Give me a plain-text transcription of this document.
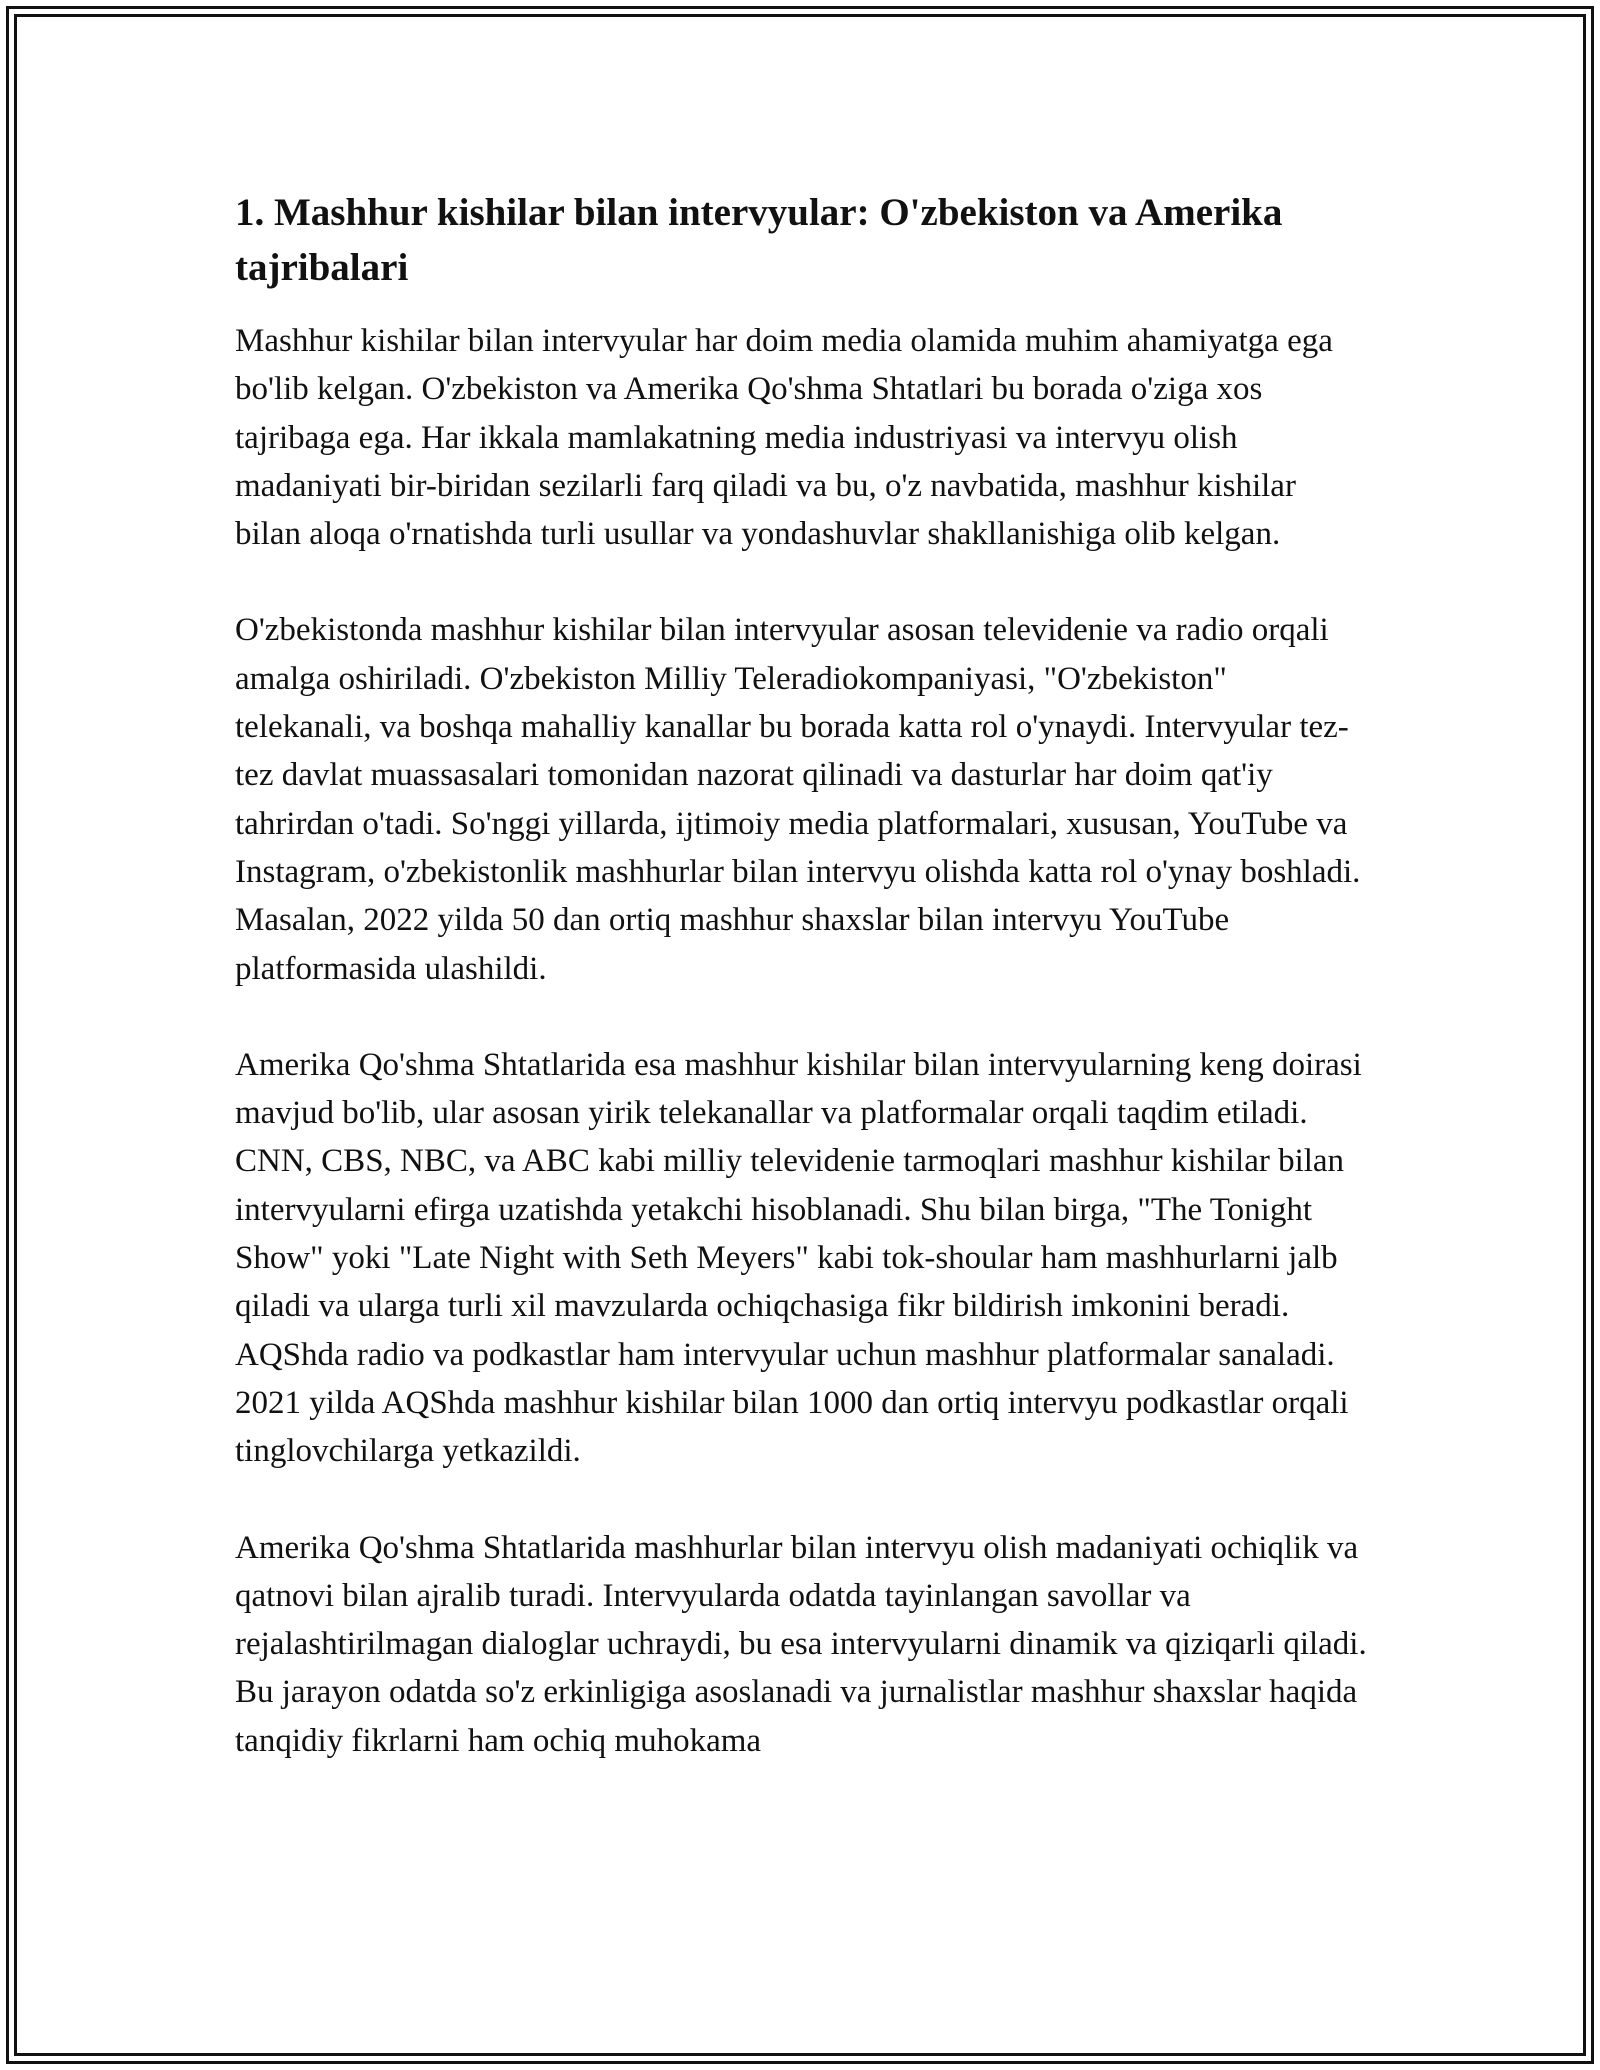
1. Mashhur kishilar bilan intervyular: O'zbekiston va Amerika tajribalari

Mashhur kishilar bilan intervyular har doim media olamida muhim ahamiyatga ega bo'lib kelgan. O'zbekiston va Amerika Qo'shma Shtatlari bu borada o'ziga xos tajribaga ega. Har ikkala mamlakatning media industriyasi va intervyu olish madaniyati bir-biridan sezilarli farq qiladi va bu, o'z navbatida, mashhur kishilar bilan aloqa o'rnatishda turli usullar va yondashuvlar shakllanishiga olib kelgan.

O'zbekistonda mashhur kishilar bilan intervyular asosan televidenie va radio orqali amalga oshiriladi. O'zbekiston Milliy Teleradiokompaniyasi, "O'zbekiston" telekanali, va boshqa mahalliy kanallar bu borada katta rol o'ynaydi. Intervyular tez-tez davlat muassasalari tomonidan nazorat qilinadi va dasturlar har doim qat'iy tahrirdan o'tadi. So'nggi yillarda, ijtimoiy media platformalari, xususan, YouTube va Instagram, o'zbekistonlik mashhurlar bilan intervyu olishda katta rol o'ynay boshladi. Masalan, 2022 yilda 50 dan ortiq mashhur shaxslar bilan intervyu YouTube platformasida ulashildi.

Amerika Qo'shma Shtatlarida esa mashhur kishilar bilan intervyularning keng doirasi mavjud bo'lib, ular asosan yirik telekanallar va platformalar orqali taqdim etiladi. CNN, CBS, NBC, va ABC kabi milliy televidenie tarmoqlari mashhur kishilar bilan intervyularni efirga uzatishda yetakchi hisoblanadi. Shu bilan birga, "The Tonight Show" yoki "Late Night with Seth Meyers" kabi tok-shoular ham mashhurlarni jalb qiladi va ularga turli xil mavzularda ochiqchasiga fikr bildirish imkonini beradi. AQShda radio va podkastlar ham intervyular uchun mashhur platformalar sanaladi. 2021 yilda AQShda mashhur kishilar bilan 1000 dan ortiq intervyu podkastlar orqali tinglovchilarga yetkazildi.

Amerika Qo'shma Shtatlarida mashhurlar bilan intervyu olish madaniyati ochiqlik va qatnovi bilan ajralib turadi. Intervyularda odatda tayinlangan savollar va rejalashtirilmagan dialoglar uchraydi, bu esa intervyularni dinamik va qiziqarli qiladi. Bu jarayon odatda so'z erkinligiga asoslanadi va jurnalistlar mashhur shaxslar haqida tanqidiy fikrlarni ham ochiq muhokama
